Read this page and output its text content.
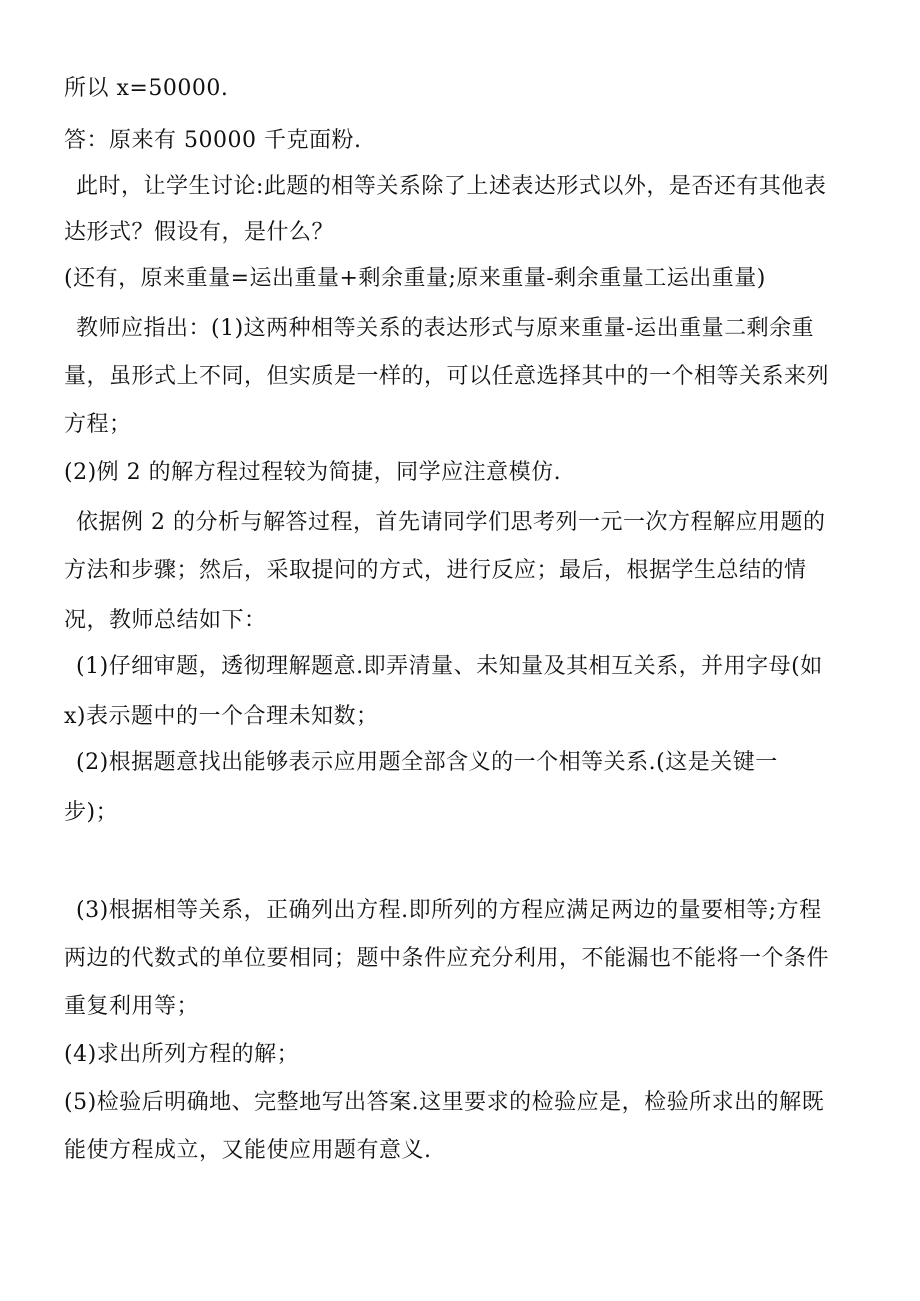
所以 x=50000.
答：原来有 50000 千克面粉.
此时，让学生讨论:此题的相等关系除了上述表达形式以外，是否还有其他表
达形式？假设有，是什么？
(还有，原来重量=运出重量+剩余重量;原来重量-剩余重量工运出重量)
教师应指出：(1)这两种相等关系的表达形式与原来重量-运出重量二剩余重
量，虽形式上不同，但实质是一样的，可以任意选择其中的一个相等关系来列
方程；
(2)例 2 的解方程过程较为简捷，同学应注意模仿.
依据例 2 的分析与解答过程，首先请同学们思考列一元一次方程解应用题的
方法和步骤；然后，采取提问的方式，进行反应；最后，根据学生总结的情
况，教师总结如下：
(1)仔细审题，透彻理解题意.即弄清量、未知量及其相互关系，并用字母(如
x)表示题中的一个合理未知数；
(2)根据题意找出能够表示应用题全部含义的一个相等关系.(这是关键一
步)；
(3)根据相等关系，正确列出方程.即所列的方程应满足两边的量要相等;方程
两边的代数式的单位要相同；题中条件应充分利用，不能漏也不能将一个条件
重复利用等；
(4)求出所列方程的解；
(5)检验后明确地、完整地写出答案.这里要求的检验应是，检验所求出的解既
能使方程成立，又能使应用题有意义.
